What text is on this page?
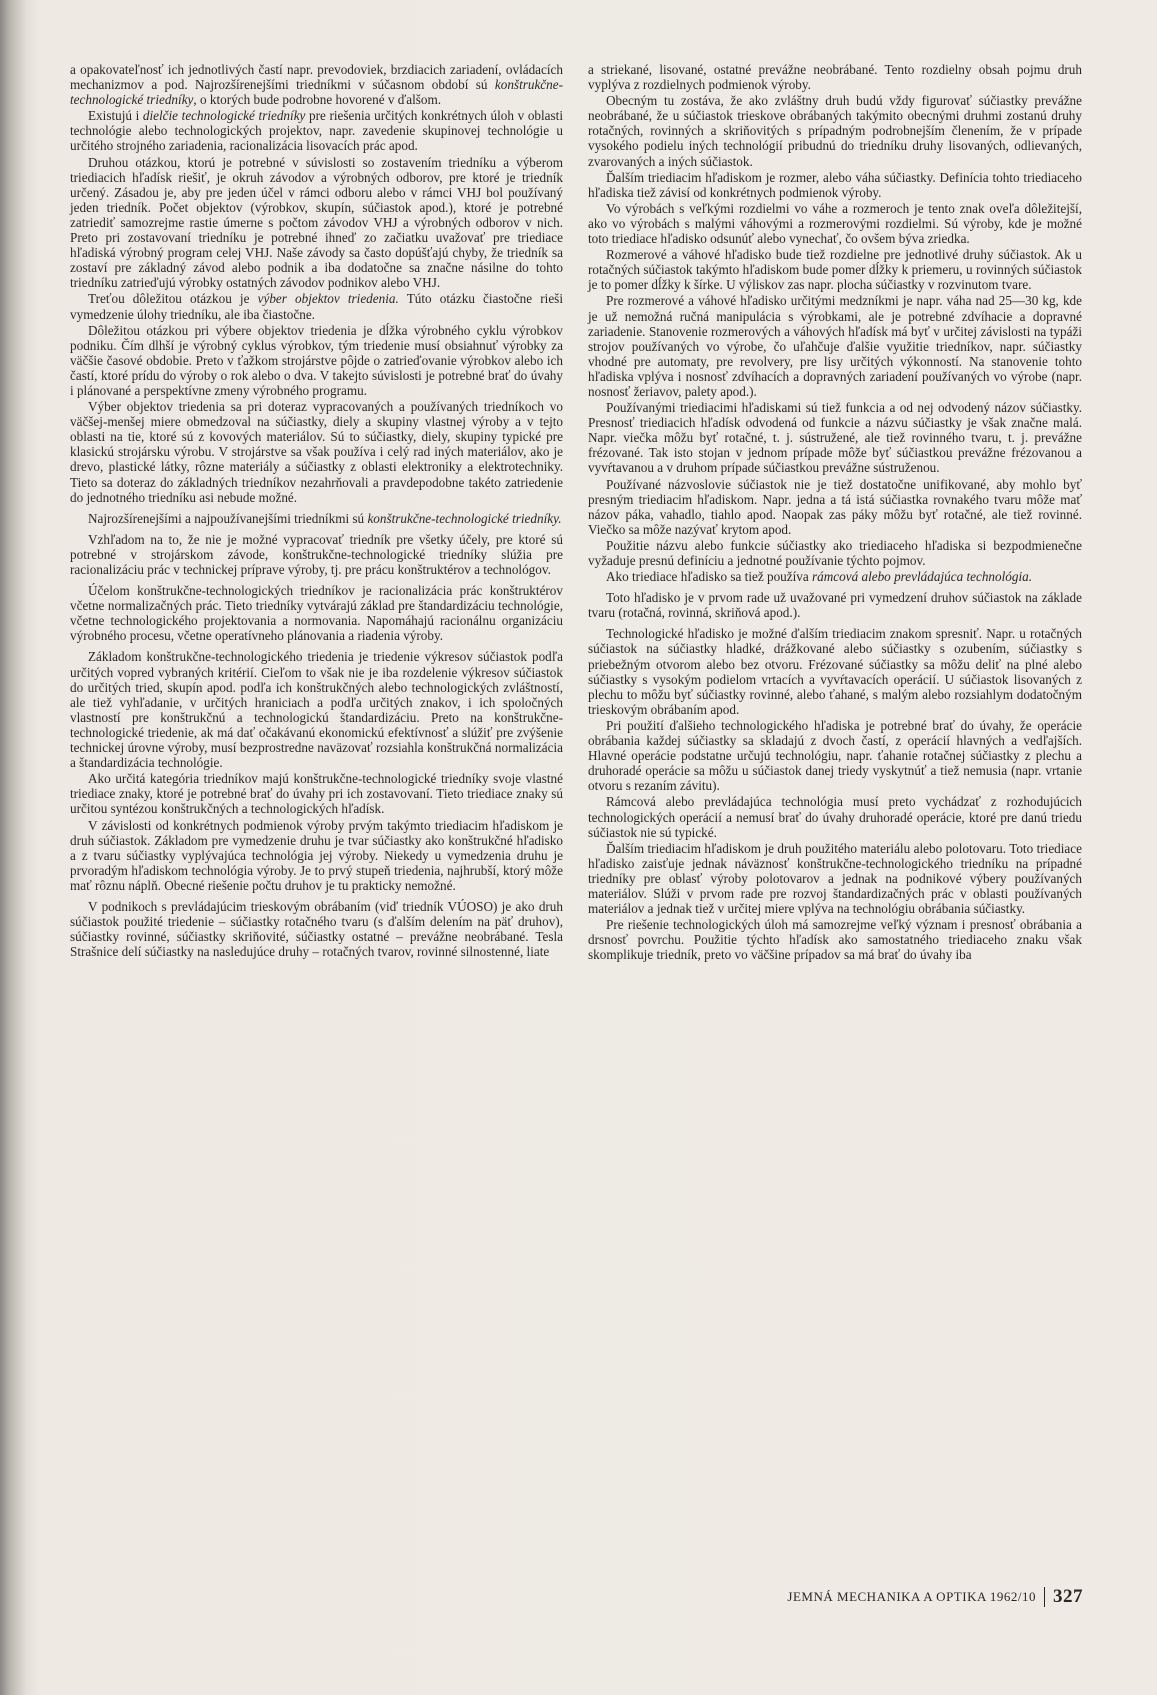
a opakovateľnosť ich jednotlivých častí napr. prevodoviek, brzdiacich zariadení, ovládacích mechanizmov a pod. Najrozšírenejšími triedníkmi v súčasnom období sú konštrukčne-technologické triedníky, o ktorých bude podrobne hovorené v ďalšom.

Existujú i dielčie technologické triedníky pre riešenia určitých konkrétnych úloh v oblasti technológie alebo technologických projektov, napr. zavedenie skupinovej technológie u určitého strojného zariadenia, racionalizácia lisovacích prác apod.

Druhou otázkou, ktorú je potrebné v súvislosti so zostavením triedníku a výberom triediacich hľadísk riešiť, je okruh závodov a výrobných odborov, pre ktoré je triedník určený. Zásadou je, aby pre jeden účel v rámci odboru alebo v rámci VHJ bol používaný jeden triedník. Počet objektov (výrobkov, skupín, súčiastok apod.), ktoré je potrebné zatriediť samozrejme rastie úmerne s počtom závodov VHJ a výrobných odborov v nich. Preto pri zostavovaní triedníku je potrebné ihneď zo začiatku uvažovať pre triediace hľadiská výrobný program celej VHJ. Naše závody sa často dopúšťajú chyby, že triedník sa zostaví pre základný závod alebo podnik a iba dodatočne sa značne násilne do tohto triedníku zatrieďujú výrobky ostatných závodov podnikov alebo VHJ.

Treťou dôležitou otázkou je výber objektov triedenia. Túto otázku čiastočne rieši vymedzenie úlohy triedníku, ale iba čiastočne.

Dôležitou otázkou pri výbere objektov triedenia je dĺžka výrobného cyklu výrobkov podniku. Čím dlhší je výrobný cyklus výrobkov, tým triedenie musí obsiahnuť výrobky za väčšie časové obdobie. Preto v ťažkom strojárstve pôjde o zatrieďovanie výrobkov alebo ich častí, ktoré prídu do výroby o rok alebo o dva. V takejto súvislosti je potrebné brať do úvahy i plánované a perspektívne zmeny výrobného programu.

Výber objektov triedenia sa pri doteraz vypracovaných a používaných triedníkoch vo väčšej-menšej miere obmedzoval na súčiastky, diely a skupiny vlastnej výroby a v tejto oblasti na tie, ktoré sú z kovových materiálov. Sú to súčiastky, diely, skupiny typické pre klasickú strojársku výrobu. V strojárstve sa však používa i celý rad iných materiálov, ako je drevo, plastické látky, rôzne materiály a súčiastky z oblasti elektroniky a elektrotechniky. Tieto sa doteraz do základných triedníkov nezahrňovali a pravdepodobne takéto zatriedenie do jednotného triedníku asi nebude možné.

Najrozšírenejšími a najpoužívanejšími triedníkmi sú konštrukčne-technologické triedníky.

Vzhľadom na to, že nie je možné vypracovať triedník pre všetky účely, pre ktoré sú potrebné v strojárskom závode, konštrukčne-technologické triedníky slúžia pre racionalizáciu prác v technickej príprave výroby, tj. pre prácu konštruktérov a technológov.

Účelom konštrukčne-technologických triedníkov je racionalizácia prác konštruktérov včetne normalizačných prác. Tieto triedníky vytvárajú základ pre štandardizáciu technológie, včetne technologického projektovania a normovania. Napomáhajú racionálnu organizáciu výrobného procesu, včetne operatívneho plánovania a riadenia výroby.

Základom konštrukčne-technologického triedenia je triedenie výkresov súčiastok podľa určitých vopred vybraných kritérií. Cieľom to však nie je iba rozdelenie výkresov súčiastok do určitých tried, skupín apod. podľa ich konštrukčných alebo technologických zvláštností, ale tiež vyhľadanie, v určitých hraniciach a podľa určitých znakov, i ich spoločných vlastností pre konštrukčnú a technologickú štandardizáciu. Preto na konštrukčne-technologické triedenie, ak má dať očakávanú ekonomickú efektívnosť a slúžiť pre zvýšenie technickej úrovne výroby, musí bezprostredne naväzovať rozsiahla konštrukčná normalizácia a štandardizácia technológie.

Ako určitá kategória triedníkov majú konštrukčne-technologické triedníky svoje vlastné triediace znaky, ktoré je potrebné brať do úvahy pri ich zostavovaní. Tieto triediace znaky sú určitou syntézou konštrukčných a technologických hľadísk.

V závislosti od konkrétnych podmienok výroby prvým takýmto triediacim hľadiskom je druh súčiastok. Základom pre vymedzenie druhu je tvar súčiastky ako konštrukčné hľadisko a z tvaru súčiastky vyplývajúca technológia jej výroby. Niekedy u vymedzenia druhu je prvoradým hľadiskom technológia výroby. Je to prvý stupeň triedenia, najhrubší, ktorý môže mať rôznu náplň. Obecné riešenie počtu druhov je tu prakticky nemožné.

V podnikoch s prevládajúcim trieskovým obrábaním (viď triedník VÚOSO) je ako druh súčiastok použité triedenie – súčiastky rotačného tvaru (s ďalším delením na päť druhov), súčiastky rovinné, súčiastky skriňovité, súčiastky ostatné – prevážne neobrábané. Tesla Strašnice delí súčiastky na nasledujúce druhy – rotačných tvarov, rovinné silnostenné, liate

a striekané, lisované, ostatné prevážne neobrábané. Tento rozdielny obsah pojmu druh vyplýva z rozdielnych podmienok výroby.

Obecným tu zostáva, že ako zvláštny druh budú vždy figurovať súčiastky prevážne neobrábané, že u súčiastok trieskove obrábaných takýmito obecnými druhmi zostanú druhy rotačných, rovinných a skriňovitých s prípadným podrobnejším členením, že v prípade vysokého podielu iných technológií pribudnú do triedníku druhy lisovaných, odlievaných, zvarovaných a iných súčiastok.

Ďalším triediacim hľadiskom je rozmer, alebo váha súčiastky. Definícia tohto triediaceho hľadiska tiež závisí od konkrétnych podmienok výroby.

Vo výrobách s veľkými rozdielmi vo váhe a rozmeroch je tento znak oveľa dôležitejší, ako vo výrobách s malými váhovými a rozmerovými rozdielmi. Sú výroby, kde je možné toto triediace hľadisko odsunúť alebo vynechať, čo ovšem býva zriedka.

Rozmerové a váhové hľadisko bude tiež rozdielne pre jednotlivé druhy súčiastok. Ak u rotačných súčiastok takýmto hľadiskom bude pomer dĺžky k priemeru, u rovinných súčiastok je to pomer dĺžky k šírke. U výliskov zas napr. plocha súčiastky v rozvinutom tvare.

Pre rozmerové a váhové hľadisko určitými medzníkmi je napr. váha nad 25—30 kg, kde je už nemožná ručná manipulácia s výrobkami, ale je potrebné zdvíhacie a dopravné zariadenie. Stanovenie rozmerových a váhových hľadísk má byť v určitej závislosti na typáži strojov používaných vo výrobe, čo uľahčuje ďalšie využitie triedníkov, napr. súčiastky vhodné pre automaty, pre revolvery, pre lisy určitých výkonností. Na stanovenie tohto hľadiska vplýva i nosnosť zdvíhacích a dopravných zariadení používaných vo výrobe (napr. nosnosť žeriavov, palety apod.).

Používanými triediacimi hľadiskami sú tiež funkcia a od nej odvodený názov súčiastky. Presnosť triediacich hľadísk odvodená od funkcie a názvu súčiastky je však značne malá. Napr. viečka môžu byť rotačné, t. j. sústružené, ale tiež rovinného tvaru, t. j. prevážne frézované. Tak isto stojan v jednom prípade môže byť súčiastkou prevážne frézovanou a vyvŕtavanou a v druhom prípade súčiastkou prevážne sústruženou.

Používané názvoslovie súčiastok nie je tiež dostatočne unifikované, aby mohlo byť presným triediacim hľadiskom. Napr. jedna a tá istá súčiastka rovnakého tvaru môže mať názov páka, vahadlo, tiahlo apod. Naopak zas páky môžu byť rotačné, ale tiež rovinné. Viečko sa môže nazývať krytom apod.

Použitie názvu alebo funkcie súčiastky ako triediaceho hľadiska si bezpodmienečne vyžaduje presnú definíciu a jednotné používanie týchto pojmov.

Ako triediace hľadisko sa tiež používa rámcová alebo prevládajúca technológia.

Toto hľadisko je v prvom rade už uvažované pri vymedzení druhov súčiastok na základe tvaru (rotačná, rovinná, skriňová apod.).

Technologické hľadisko je možné ďalším triediacim znakom spresniť. Napr. u rotačných súčiastok na súčiastky hladké, drážkované alebo súčiastky s ozubením, súčiastky s priebežným otvorom alebo bez otvoru. Frézované súčiastky sa môžu deliť na plné alebo súčiastky s vysokým podielom vrtacích a vyvŕtavacích operácií. U súčiastok lisovaných z plechu to môžu byť súčiastky rovinné, alebo ťahané, s malým alebo rozsiahlym dodatočným trieskovým obrábaním apod.

Pri použití ďalšieho technologického hľadiska je potrebné brať do úvahy, že operácie obrábania každej súčiastky sa skladajú z dvoch častí, z operácií hlavných a vedľajších. Hlavné operácie podstatne určujú technológiu, napr. ťahanie rotačnej súčiastky z plechu a druhoradé operácie sa môžu u súčiastok danej triedy vyskytnúť a tiež nemusia (napr. vrtanie otvoru s rezaním závitu).

Rámcová alebo prevládajúca technológia musí preto vychádzať z rozhodujúcich technologických operácií a nemusí brať do úvahy druhoradé operácie, ktoré pre danú triedu súčiastok nie sú typické.

Ďalším triediacim hľadiskom je druh použitého materiálu alebo polotovaru. Toto triediace hľadisko zaisťuje jednak náväznosť konštrukčne-technologického triedníku na prípadné triedníky pre oblasť výroby polotovarov a jednak na podnikové výbery používaných materiálov. Slúži v prvom rade pre rozvoj štandardizačných prác v oblasti používaných materiálov a jednak tiež v určitej miere vplýva na technológiu obrábania súčiastky.

Pre riešenie technologických úloh má samozrejme veľký význam i presnosť obrábania a drsnosť povrchu. Použitie týchto hľadísk ako samostatného triediaceho znaku však skomplikuje triedník, preto vo väčšine prípadov sa má brať do úvahy iba

JEMNÁ MECHANIKA A OPTIKA 1962/10 327
